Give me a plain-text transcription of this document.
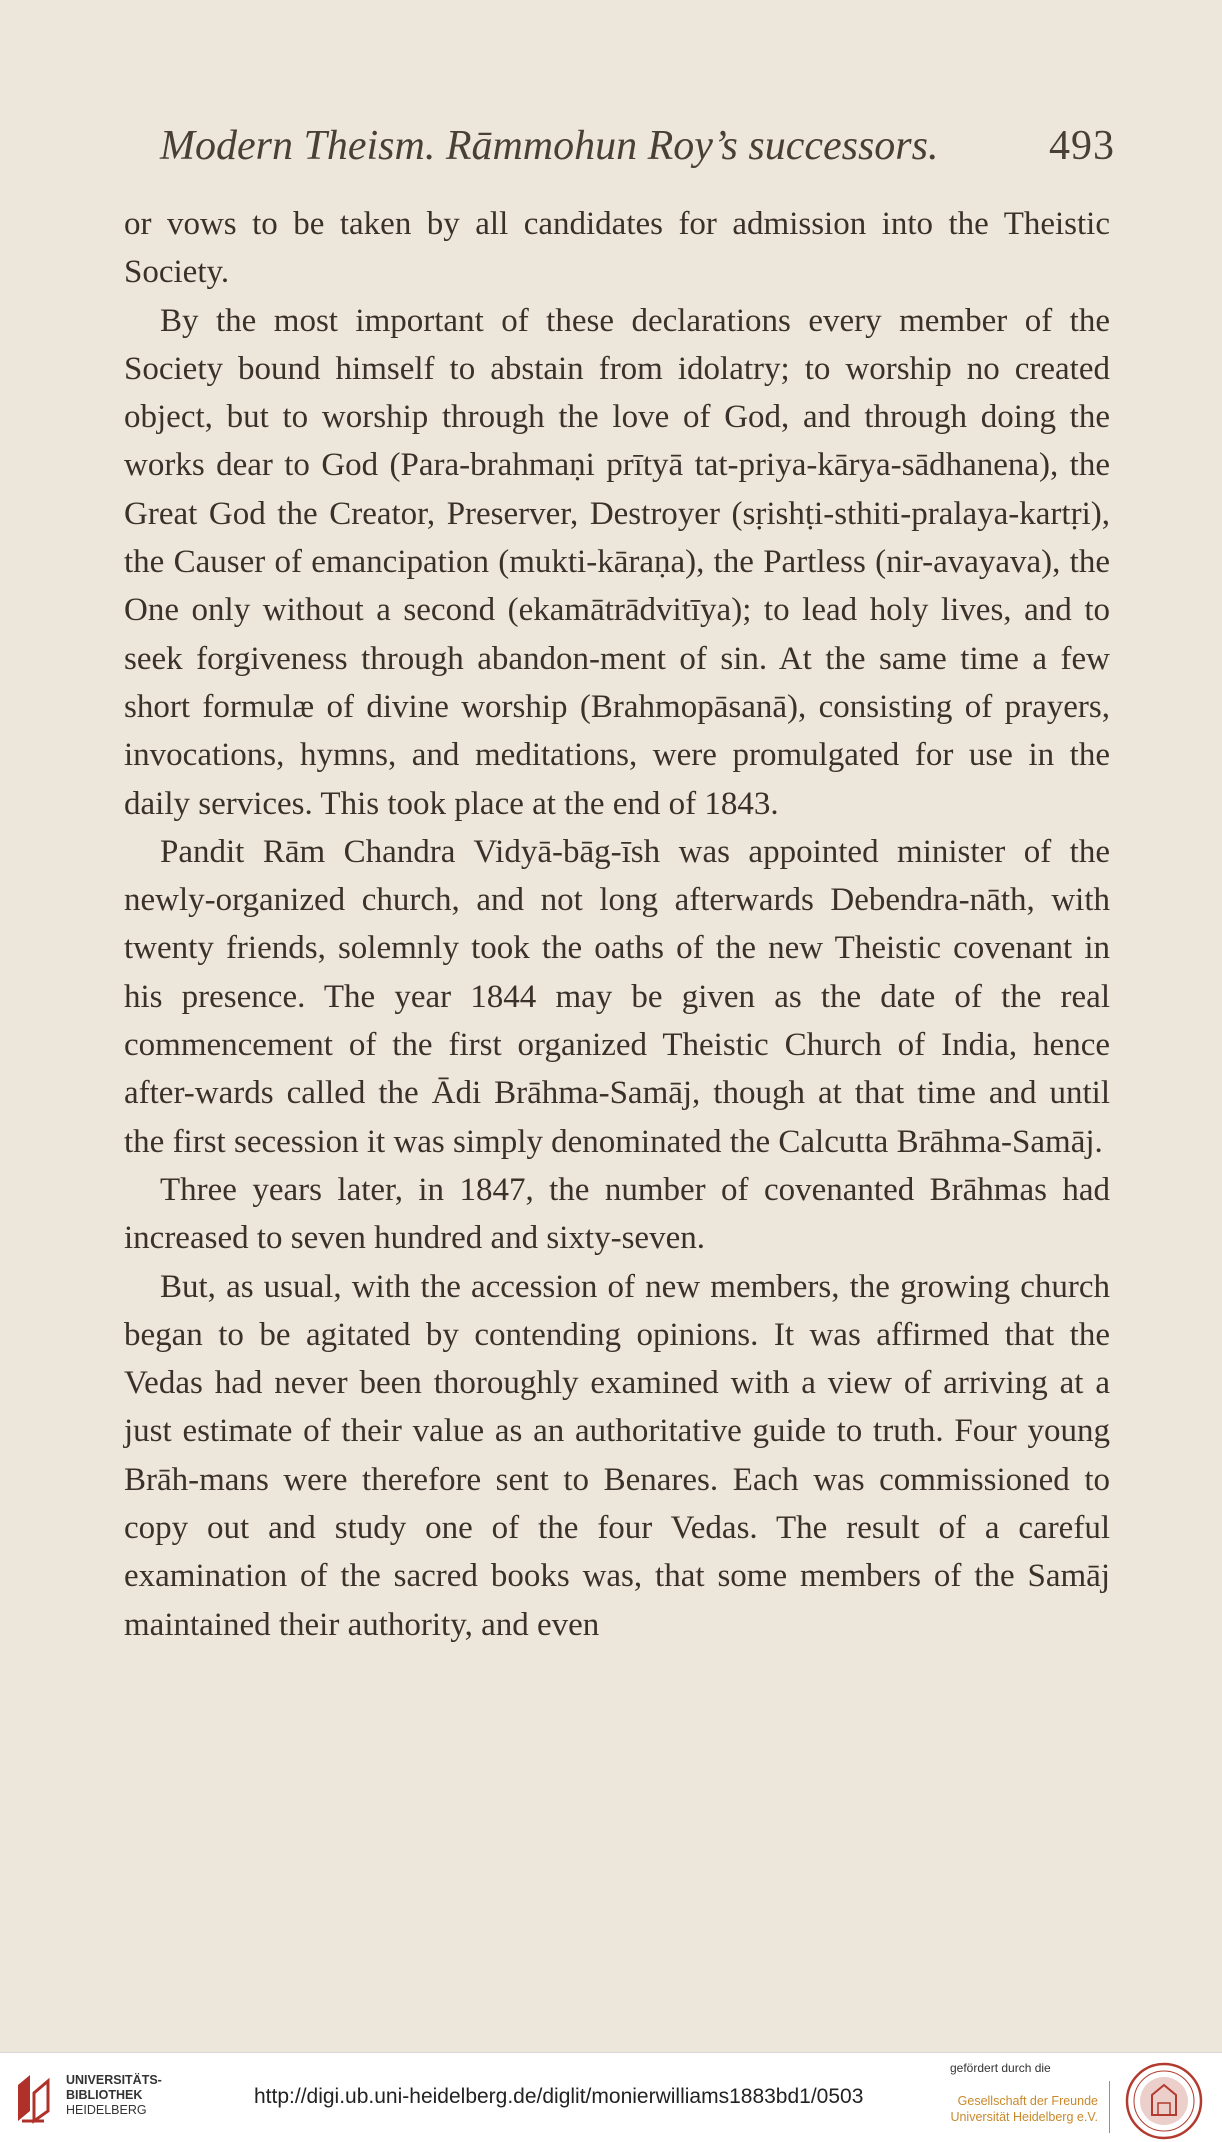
Modern Theism. Rāmmohun Roy’s successors.	493

or vows to be taken by all candidates for admission into the Theistic Society.

By the most important of these declarations every member of the Society bound himself to abstain from idolatry; to worship no created object, but to worship through the love of God, and through doing the works dear to God (Para-brahmaṇi prītyā tat-priya-kārya-sādhanena), the Great God the Creator, Preserver, Destroyer (sṛishṭi-sthiti-pralaya-kartṛi), the Causer of emancipation (mukti-kāraṇa), the Partless (nir-avayava), the One only without a second (ekamātrādvitīya); to lead holy lives, and to seek forgiveness through abandon-ment of sin. At the same time a few short formulæ of divine worship (Brahmopāsanā), consisting of prayers, invocations, hymns, and meditations, were promulgated for use in the daily services. This took place at the end of 1843.

Pandit Rām Chandra Vidyā-bāg-īsh was appointed minister of the newly-organized church, and not long afterwards Debendra-nāth, with twenty friends, solemnly took the oaths of the new Theistic covenant in his presence. The year 1844 may be given as the date of the real commencement of the first organized Theistic Church of India, hence after-wards called the Ādi Brāhma-Samāj, though at that time and until the first secession it was simply denominated the Calcutta Brāhma-Samāj.

Three years later, in 1847, the number of covenanted Brāhmas had increased to seven hundred and sixty-seven.

But, as usual, with the accession of new members, the growing church began to be agitated by contending opinions. It was affirmed that the Vedas had never been thoroughly examined with a view of arriving at a just estimate of their value as an authoritative guide to truth. Four young Brāh-mans were therefore sent to Benares. Each was commissioned to copy out and study one of the four Vedas. The result of a careful examination of the sacred books was, that some members of the Samāj maintained their authority, and even

UNIVERSITÄTS-
BIBLIOTHEK
HEIDELBERG
http://digi.ub.uni-heidelberg.de/diglit/monierwilliams1883bd1/0503
gefördert durch die
Gesellschaft der Freunde
Universität Heidelberg e.V.
